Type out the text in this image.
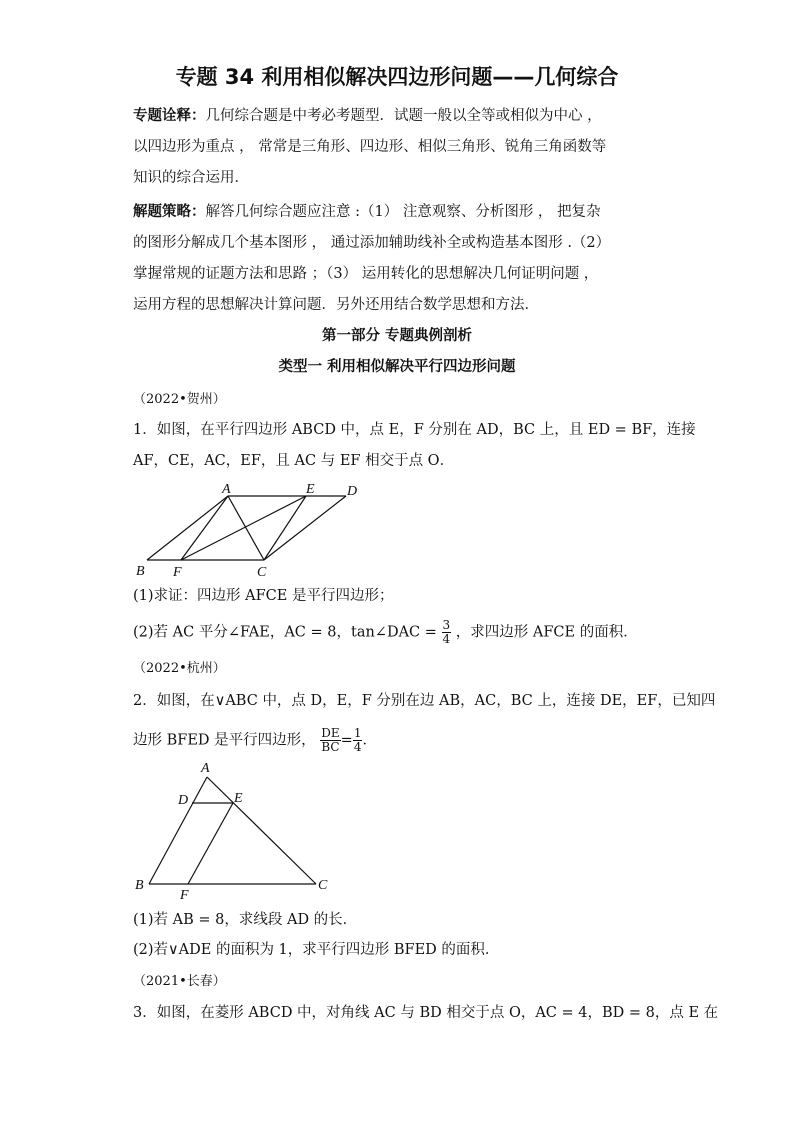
专题 34 利用相似解决四边形问题——几何综合
专题诠释：几何综合题是中考必考题型．试题一般以全等或相似为中心 ，
以四边形为重点 ， 常常是三角形、四边形、相似三角形、锐角三角函数等
知识的综合运用．
解题策略：解答几何综合题应注意 :（1） 注意观察、分析图形 ， 把复杂
的图形分解成几个基本图形 ， 通过添加辅助线补全或构造基本图形 .（2）
掌握常规的证题方法和思路 ；（3） 运用转化的思想解决几何证明问题 ，
运用方程的思想解决计算问题．另外还用结合数学思想和方法．
第一部分 专题典例剖析
类型一 利用相似解决平行四边形问题
（2022•贺州）
1．如图，在平行四边形 ABCD 中，点 E，F 分别在 AD，BC 上，且 ED = BF，连接
AF，CE，AC，EF，且 AC 与 EF 相交于点 O．
A	E D
B F	C
A
D	E
B
F
C
(1)求证：四边形 AFCE 是平行四边形；
(2)若 AC 平分∠FAE，AC = 8，tan∠DAC = $\frac{3}{4}$ ，求四边形 AFCE 的面积．
（2022•杭州）
2．如图，在∨ABC 中，点 D，E，F 分别在边 AB，AC，BC 上，连接 DE，EF，已知四
边形 BFED 是平行四边形， $\frac{DE}{BC} = \frac{1}{4}$ ．
(1)若 AB = 8，求线段 AD 的长．
(2)若∨ADE 的面积为 1，求平行四边形 BFED 的面积．
（2021•长春）
3．如图，在菱形 ABCD 中，对角线 AC 与 BD 相交于点 O，AC = 4，BD = 8，点 E 在
